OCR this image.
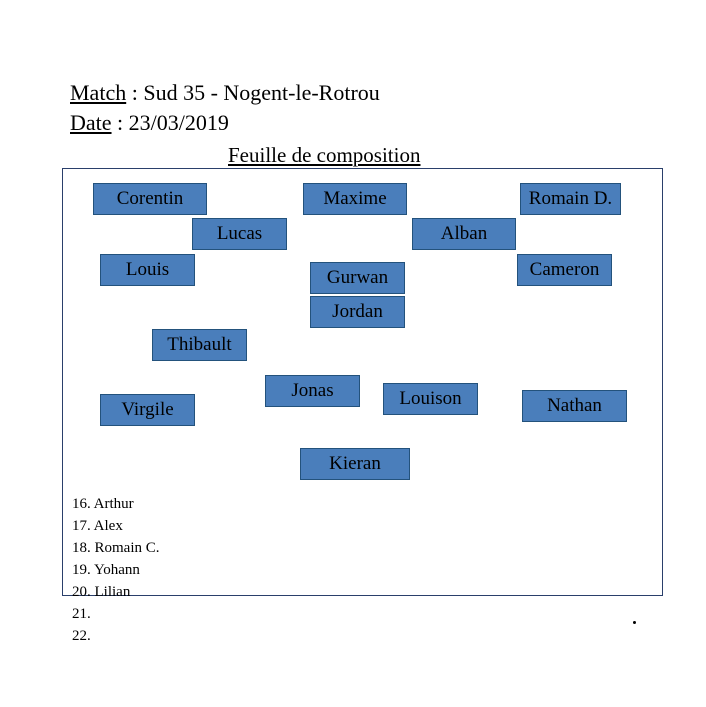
Match : Sud 35 - Nogent-le-Rotrou
Date : 23/03/2019
Feuille de composition
Corentin	Maxime	Romain D.
Lucas	Alban
Louis	Gurwan	Cameron
Jordan
Thibault
Jonas	Louison	Nathan
Virgile
Kieran
16. Arthur
17. Alex
18. Romain C.
19. Yohann
20. Lilian
21.
22.
